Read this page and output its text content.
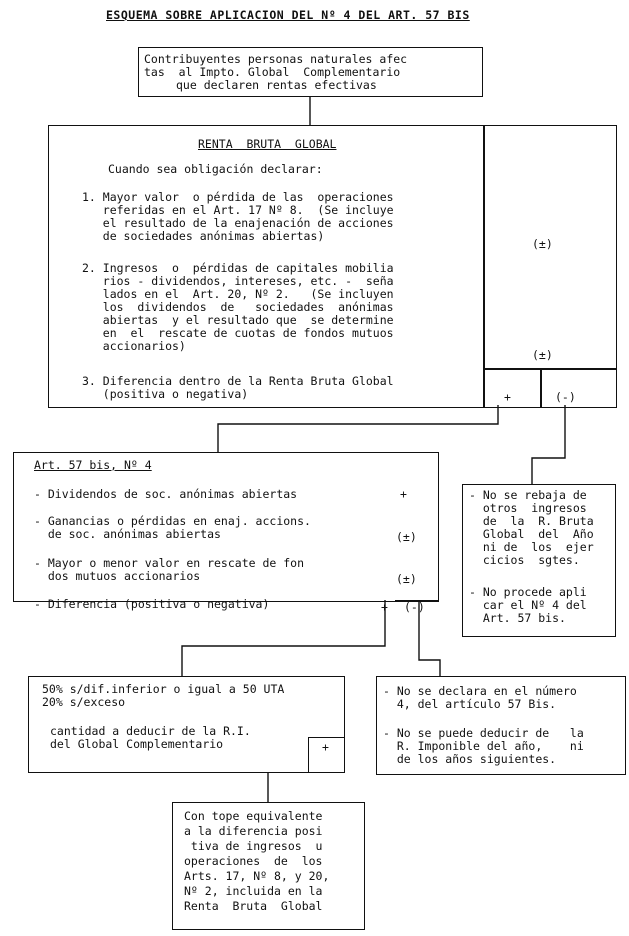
ESQUEMA SOBRE APLICACION DEL Nº 4 DEL ART. 57 BIS
Contribuyentes personas naturales afec
tas  al Impto. Global  Complementario
que declaren rentas efectivas
RENTA  BRUTA  GLOBAL
Cuando sea obligación declarar:
1. Mayor valor  o pérdida de las  operaciones
referidas en el Art. 17 Nº 8.  (Se incluye
el resultado de la enajenación de acciones
de sociedades anónimas abiertas)
2. Ingresos  o  pérdidas de capitales mobilia
rios - dividendos, intereses, etc. -  seña
lados en el  Art. 20, Nº 2.   (Se incluyen
los  dividendos  de   sociedades  anónimas
abiertas  y el resultado que  se determine
en  el  rescate de cuotas de fondos mutuos
accionarios)
3. Diferencia dentro de la Renta Bruta Global
(positiva o negativa)
(±)
(±)
+	(-)
Art. 57 bis, Nº 4
- Dividendos de soc. anónimas abiertas	+
- Ganancias o pérdidas en enaj. accions.
de soc. anónimas abiertas	(±)
- Mayor o menor valor en rescate de fon
dos mutuos accionarios	(±)
- Diferencia (positiva o negativa)	+ (-)
- No se rebaja de
otros  ingresos
de  la  R. Bruta
Global  del  Año
ni de  los  ejer
cicios  sgtes.
- No procede apli
car el Nº 4 del
Art. 57 bis.
50% s/dif.inferior o igual a 50 UTA
20% s/exceso
cantidad a deducir de la R.I.
del Global Complementario	+
- No se declara en el número
4, del artículo 57 Bis.
- No se puede deducir de   la
R. Imponible del año,    ni
de los años siguientes.
Con tope equivalente
a la diferencia posi
tiva de ingresos  u
operaciones  de  los
Arts. 17, Nº 8, y 20,
Nº 2, incluida en la
Renta  Bruta  Global
